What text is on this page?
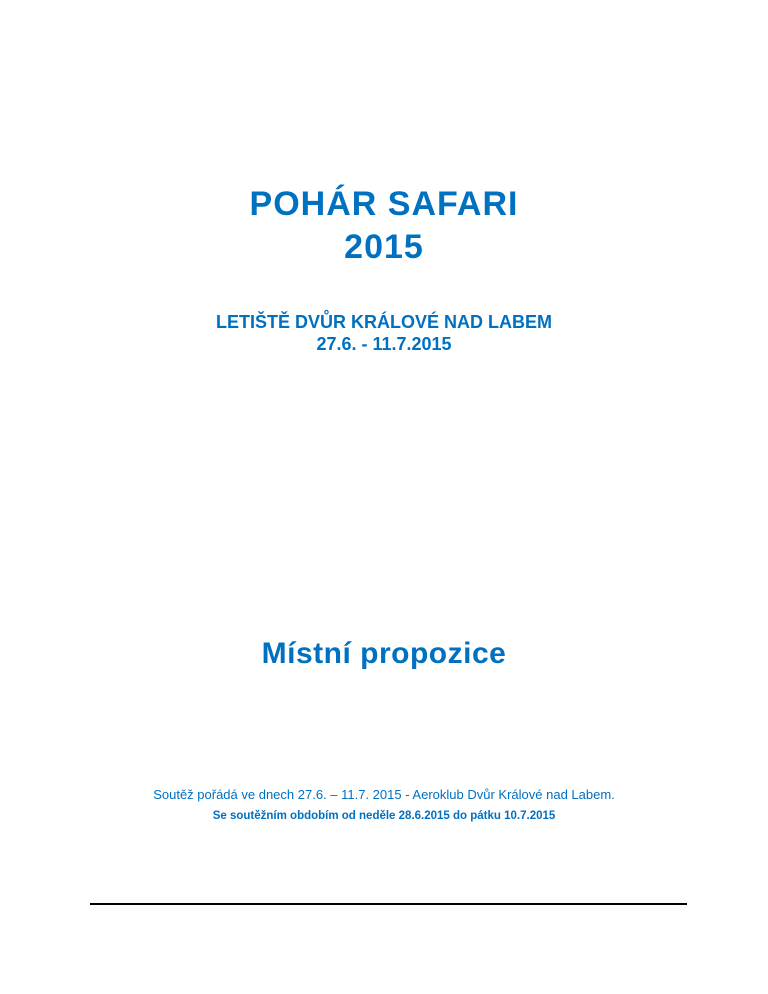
POHÁR SAFARI
2015

LETIŠTĚ DVŮR KRÁLOVÉ NAD LABEM

27.6. - 11.7.2015

Místní propozice

Soutěž pořádá ve dnech 27.6. – 11.7. 2015 - Aeroklub Dvůr Králové nad Labem.

Se soutěžním obdobím od neděle 28.6.2015 do pátku 10.7.2015
